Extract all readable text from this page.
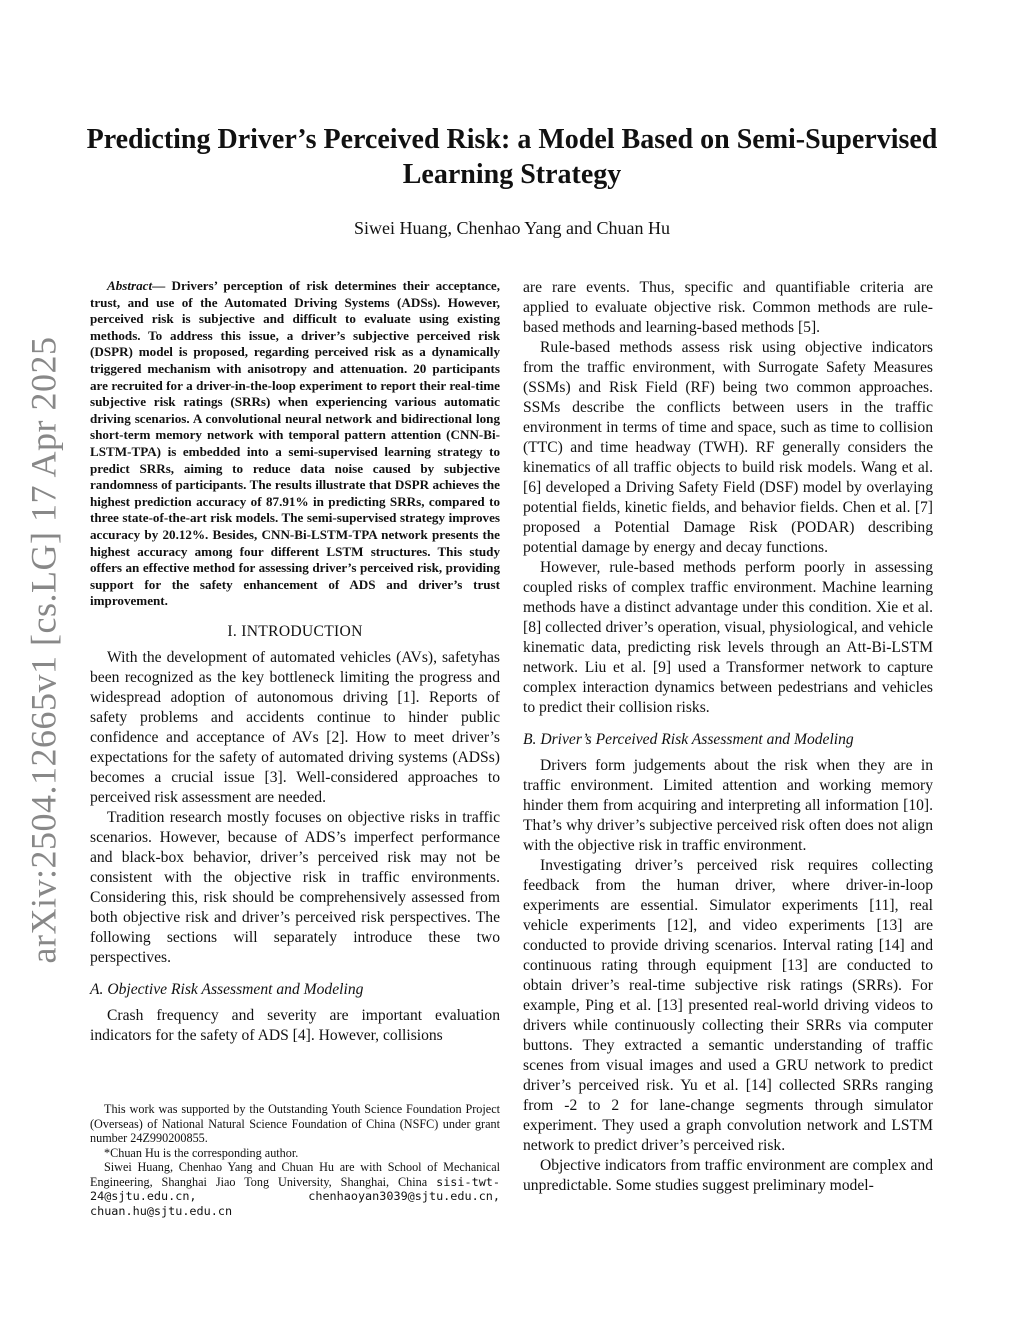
arXiv:2504.12665v1 [cs.LG] 17 Apr 2025
Predicting Driver’s Perceived Risk: a Model Based on Semi-Supervised Learning Strategy
Siwei Huang, Chenhao Yang and Chuan Hu

Abstract— Drivers’ perception of risk determines their acceptance, trust, and use of the Automated Driving Systems (ADSs). However, perceived risk is subjective and difficult to evaluate using existing methods. To address this issue, a driver’s subjective perceived risk (DSPR) model is proposed, regarding perceived risk as a dynamically triggered mechanism with anisotropy and attenuation. 20 participants are recruited for a driver-in-the-loop experiment to report their real-time subjective risk ratings (SRRs) when experiencing various automatic driving scenarios. A convolutional neural network and bidirectional long short-term memory network with temporal pattern attention (CNN-Bi-LSTM-TPA) is embedded into a semi-supervised learning strategy to predict SRRs, aiming to reduce data noise caused by subjective randomness of participants. The results illustrate that DSPR achieves the highest prediction accuracy of 87.91% in predicting SRRs, compared to three state-of-the-art risk models. The semi-supervised strategy improves accuracy by 20.12%. Besides, CNN-Bi-LSTM-TPA network presents the highest accuracy among four different LSTM structures. This study offers an effective method for assessing driver’s perceived risk, providing support for the safety enhancement of ADS and driver’s trust improvement.

I. INTRODUCTION

With the development of automated vehicles (AVs), safetyhas been recognized as the key bottleneck limiting the progress and widespread adoption of autonomous driving [1]. Reports of safety problems and accidents continue to hinder public confidence and acceptance of AVs [2]. How to meet driver’s expectations for the safety of automated driving systems (ADSs) becomes a crucial issue [3]. Well-considered approaches to perceived risk assessment are needed.

Tradition research mostly focuses on objective risks in traffic scenarios. However, because of ADS’s imperfect performance and black-box behavior, driver’s perceived risk may not be consistent with the objective risk in traffic environments. Considering this, risk should be comprehensively assessed from both objective risk and driver’s perceived risk perspectives. The following sections will separately introduce these two perspectives.

A. Objective Risk Assessment and Modeling

Crash frequency and severity are important evaluation indicators for the safety of ADS [4]. However, collisions

This work was supported by the Outstanding Youth Science Foundation Project (Overseas) of National Natural Science Foundation of China (NSFC) under grant number 24Z990200855.

*Chuan Hu is the corresponding author.

Siwei Huang, Chenhao Yang and Chuan Hu are with School of Mechanical Engineering, Shanghai Jiao Tong University, Shanghai, China sisi-twt-24@sjtu.edu.cn,	chenhaoyan3039@sjtu.edu.cn, chuan.hu@sjtu.edu.cn

are rare events. Thus, specific and quantifiable criteria are applied to evaluate objective risk. Common methods are rule-based methods and learning-based methods [5].

Rule-based methods assess risk using objective indicators from the traffic environment, with Surrogate Safety Measures (SSMs) and Risk Field (RF) being two common approaches. SSMs describe the conflicts between users in the traffic environment in terms of time and space, such as time to collision (TTC) and time headway (TWH). RF generally considers the kinematics of all traffic objects to build risk models. Wang et al. [6] developed a Driving Safety Field (DSF) model by overlaying potential fields, kinetic fields, and behavior fields. Chen et al. [7] proposed a Potential Damage Risk (PODAR) describing potential damage by energy and decay functions.

However, rule-based methods perform poorly in assessing coupled risks of complex traffic environment. Machine learning methods have a distinct advantage under this condition. Xie et al. [8] collected driver’s operation, visual, physiological, and vehicle kinematic data, predicting risk levels through an Att-Bi-LSTM network. Liu et al. [9] used a Transformer network to capture complex interaction dynamics between pedestrians and vehicles to predict their collision risks.

B. Driver’s Perceived Risk Assessment and Modeling

Drivers form judgements about the risk when they are in traffic environment. Limited attention and working memory hinder them from acquiring and interpreting all information [10]. That’s why driver’s subjective perceived risk often does not align with the objective risk in traffic environment.

Investigating driver’s perceived risk requires collecting feedback from the human driver, where driver-in-loop experiments are essential. Simulator experiments [11], real vehicle experiments [12], and video experiments [13] are conducted to provide driving scenarios. Interval rating [14] and continuous rating through equipment [13] are conducted to obtain driver’s real-time subjective risk ratings (SRRs). For example, Ping et al. [13] presented real-world driving videos to drivers while continuously collecting their SRRs via computer buttons. They extracted a semantic understanding of traffic scenes from visual images and used a GRU network to predict driver’s perceived risk. Yu et al. [14] collected SRRs ranging from -2 to 2 for lane-change segments through simulator experiment. They used a graph convolution network and LSTM network to predict driver’s perceived risk.

Objective indicators from traffic environment are complex and unpredictable. Some studies suggest preliminary model-
